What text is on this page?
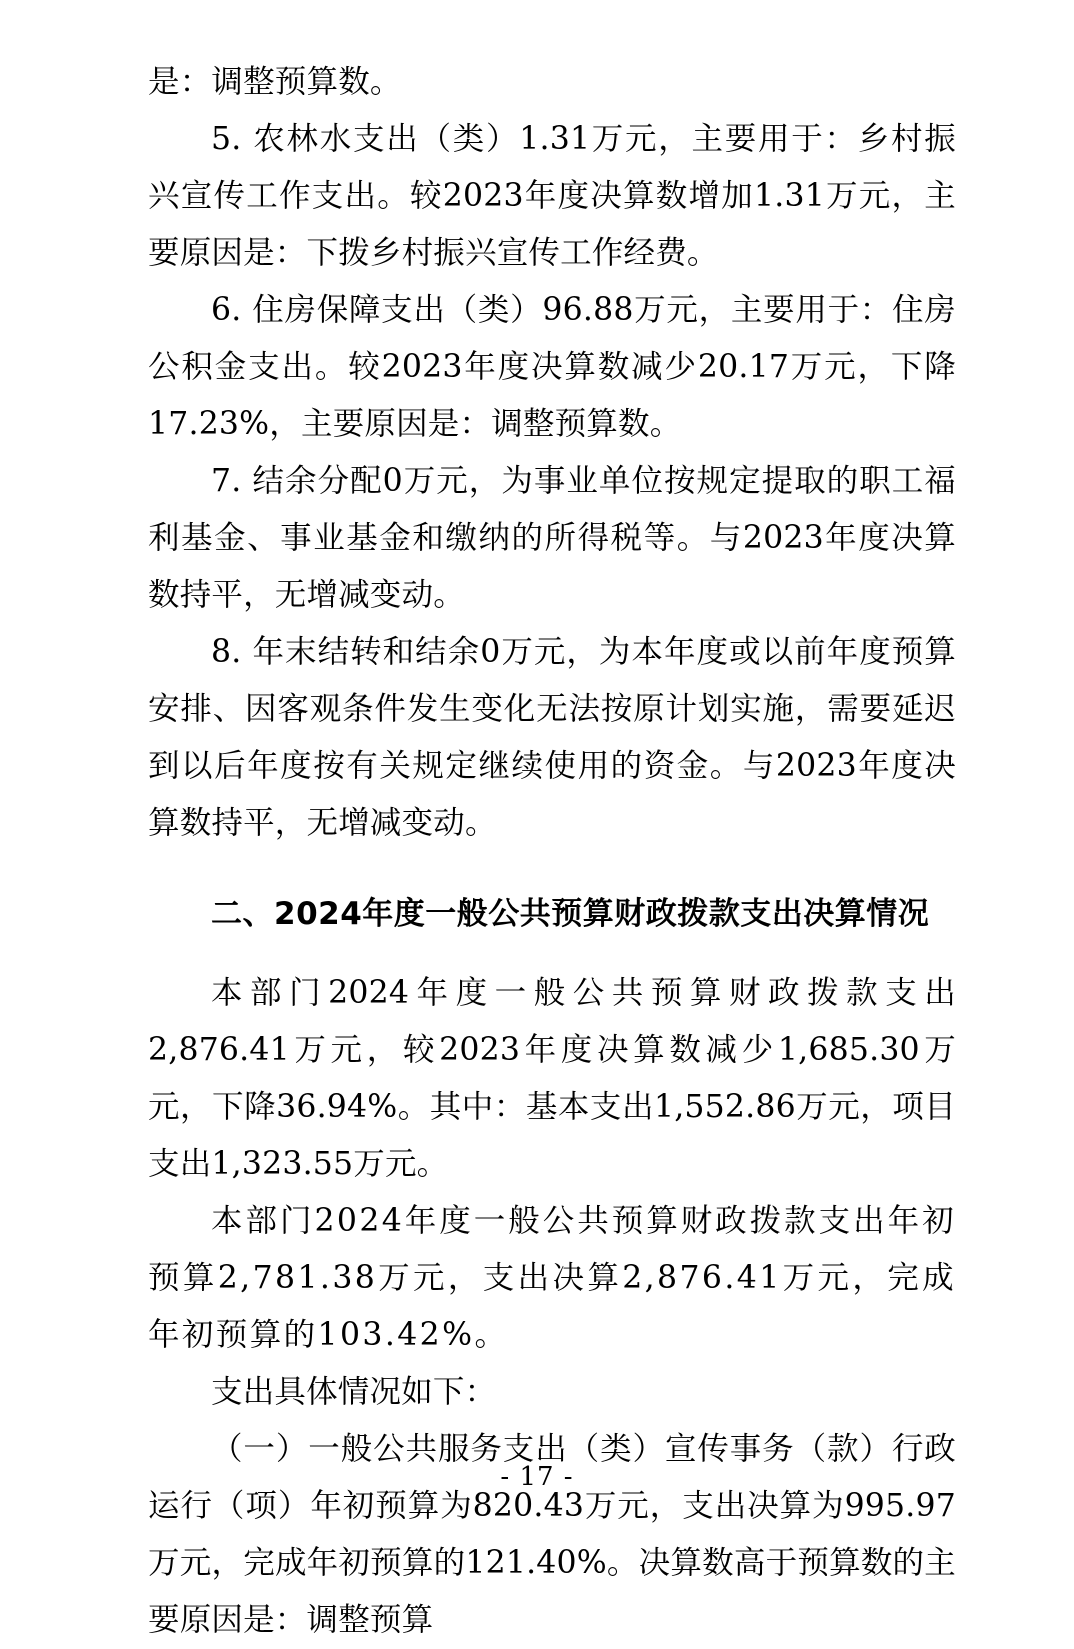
是：调整预算数。

5. 农林水支出（类）1.31万元，主要用于：乡村振兴宣传工作支出。较2023年度决算数增加1.31万元，主要原因是：下拨乡村振兴宣传工作经费。

6. 住房保障支出（类）96.88万元，主要用于：住房公积金支出。较2023年度决算数减少20.17万元，下降17.23%，主要原因是：调整预算数。

7. 结余分配0万元，为事业单位按规定提取的职工福利基金、事业基金和缴纳的所得税等。与2023年度决算数持平，无增减变动。

8. 年末结转和结余0万元，为本年度或以前年度预算安排、因客观条件发生变化无法按原计划实施，需要延迟到以后年度按有关规定继续使用的资金。与2023年度决算数持平，无增减变动。

二、2024年度一般公共预算财政拨款支出决算情况

本部门2024年度一般公共预算财政拨款支出2,876.41万元，较2023年度决算数减少1,685.30万元，下降36.94%。其中：基本支出1,552.86万元，项目支出1,323.55万元。

本部门2024年度一般公共预算财政拨款支出年初预算2,781.38万元，支出决算2,876.41万元，完成年初预算的103.42%。

支出具体情况如下：

（一）一般公共服务支出（类）宣传事务（款）行政运行（项）年初预算为820.43万元，支出决算为995.97万元，完成年初预算的121.40%。决算数高于预算数的主要原因是：调整预算

- 17 -
